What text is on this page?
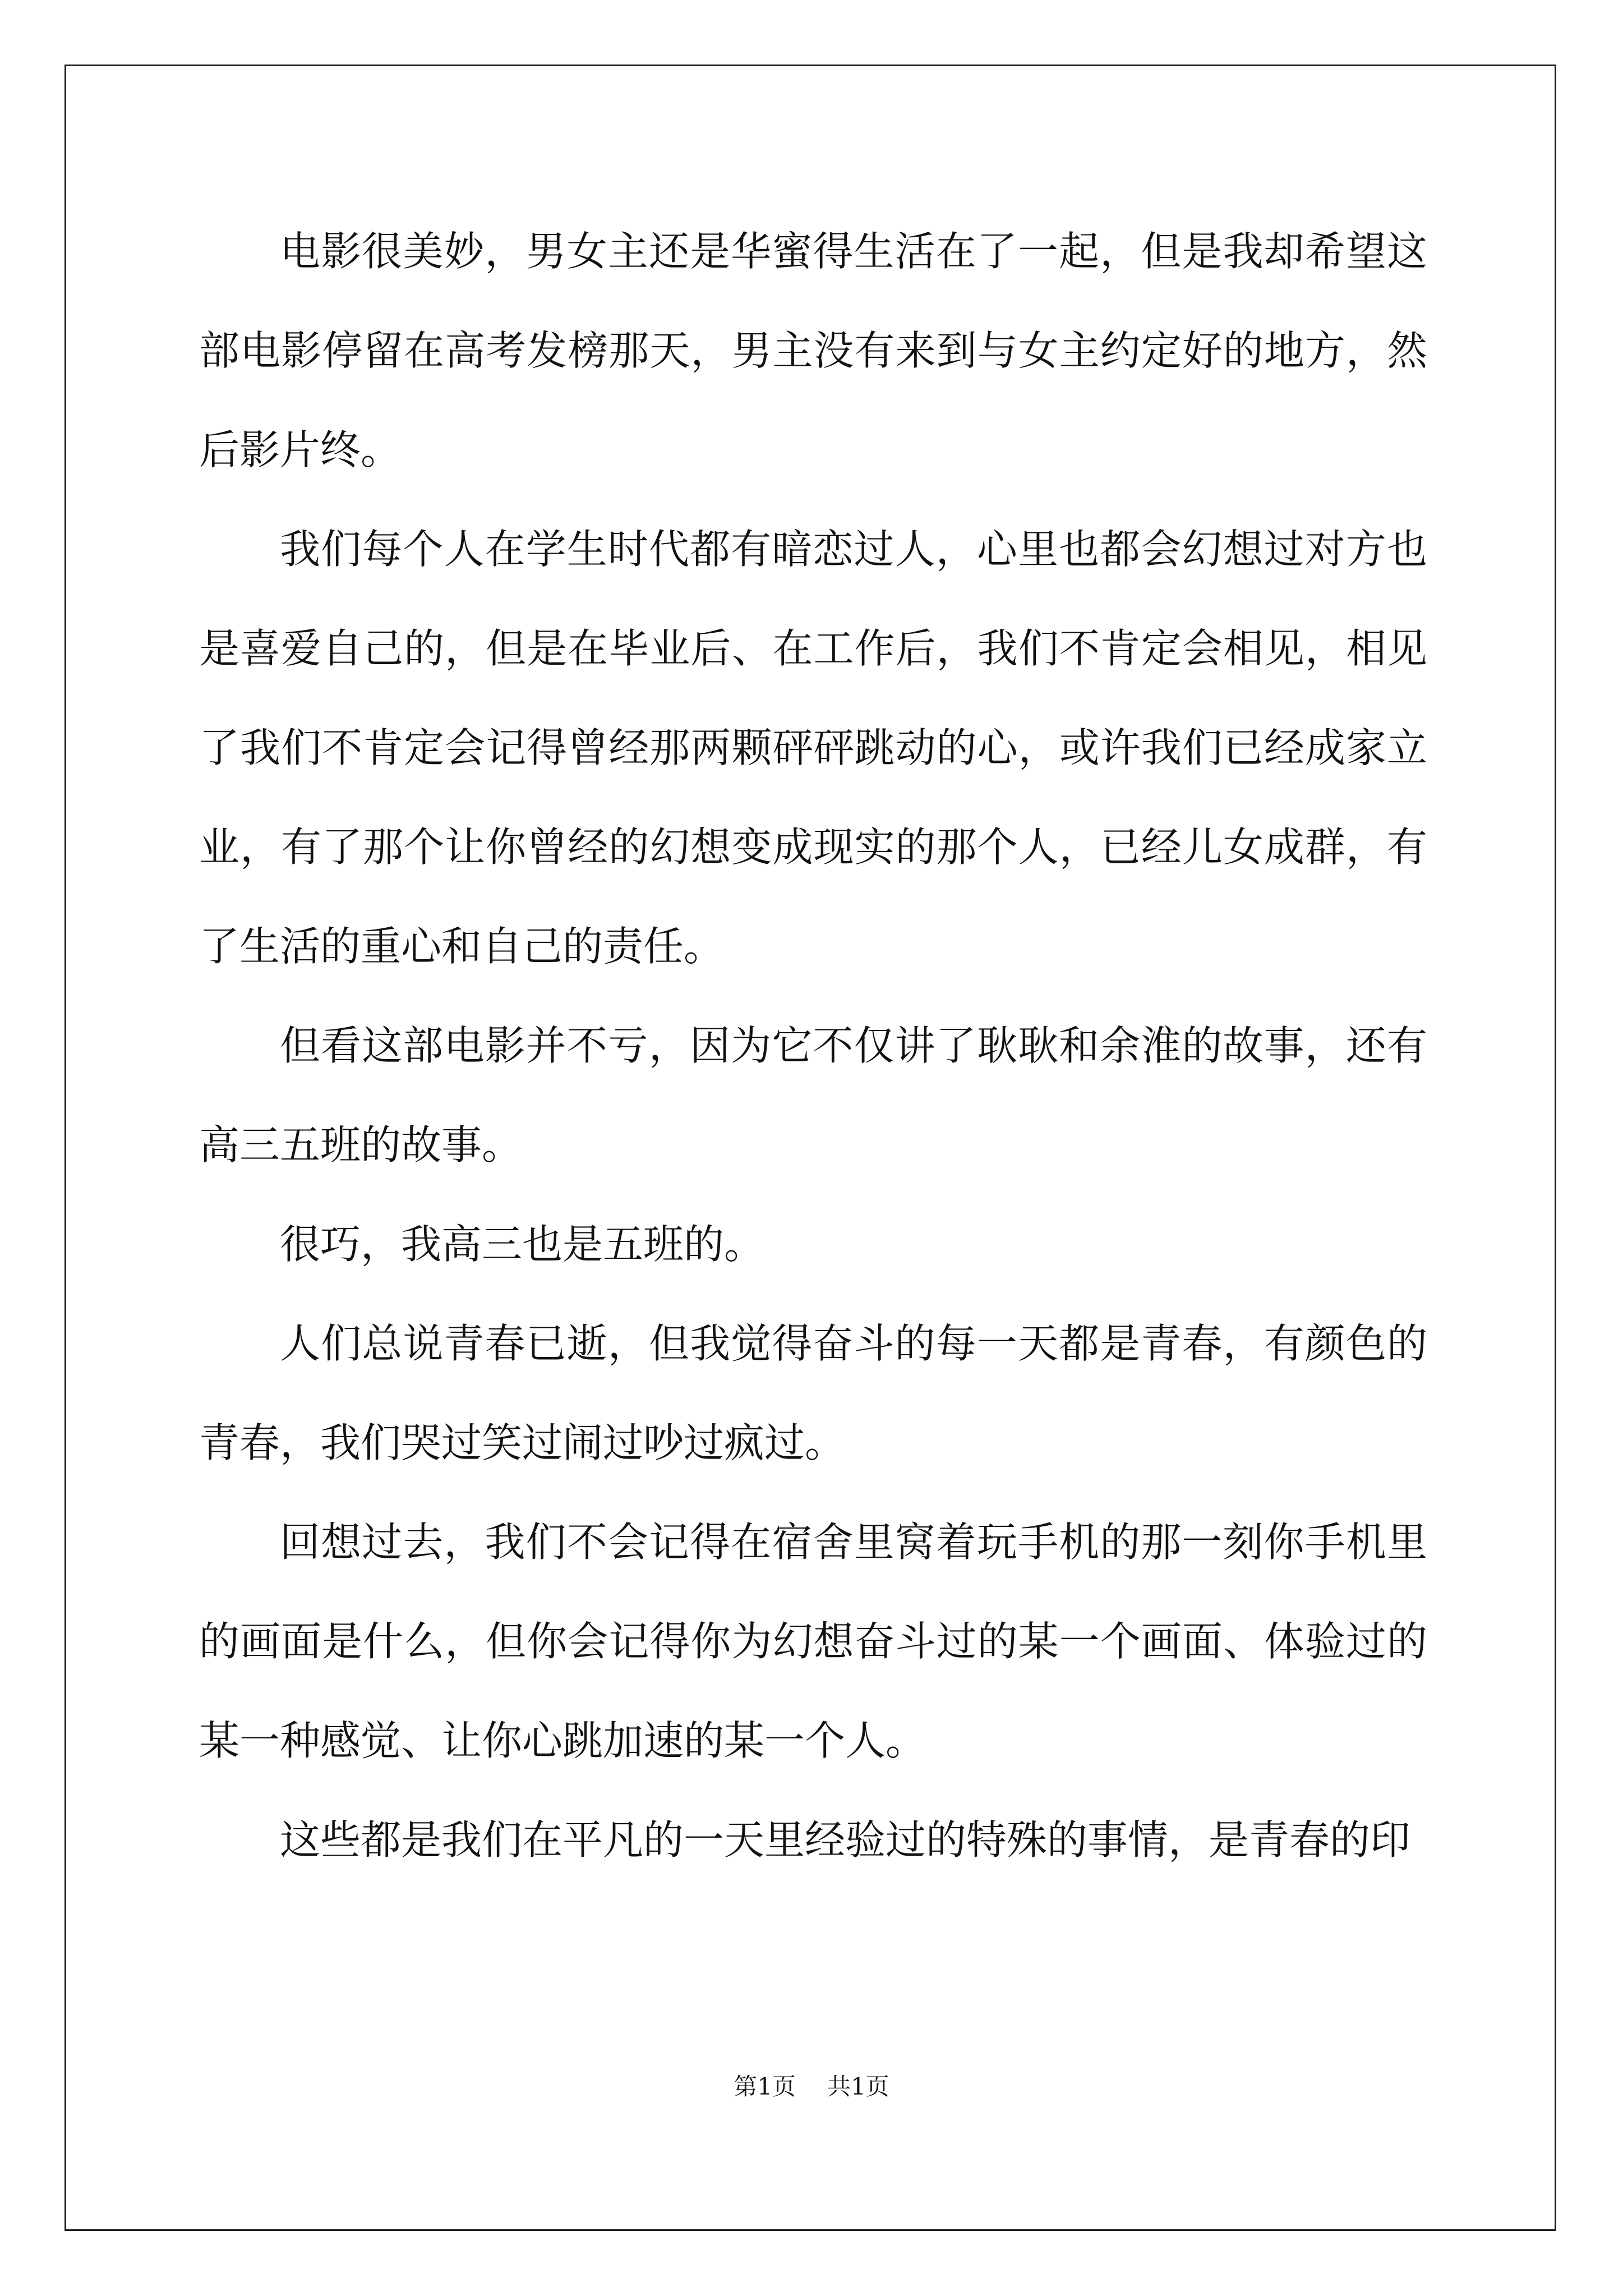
电影很美妙，男女主还是华蜜得生活在了一起，但是我却希望这部电影停留在高考发榜那天，男主没有来到与女主约定好的地方，然后影片终。

我们每个人在学生时代都有暗恋过人，心里也都会幻想过对方也是喜爱自己的，但是在毕业后、在工作后，我们不肯定会相见，相见了我们不肯定会记得曾经那两颗砰砰跳动的心，或许我们已经成家立业，有了那个让你曾经的幻想变成现实的那个人，已经儿女成群，有了生活的重心和自己的责任。

但看这部电影并不亏，因为它不仅讲了耿耿和余淮的故事，还有高三五班的故事。

很巧，我高三也是五班的。

人们总说青春已逝，但我觉得奋斗的每一天都是青春，有颜色的青春，我们哭过笑过闹过吵过疯过。

回想过去，我们不会记得在宿舍里窝着玩手机的那一刻你手机里的画面是什么，但你会记得你为幻想奋斗过的某一个画面、体验过的某一种感觉、让你心跳加速的某一个人。

这些都是我们在平凡的一天里经验过的特殊的事情，是青春的印

第1页 共1页
